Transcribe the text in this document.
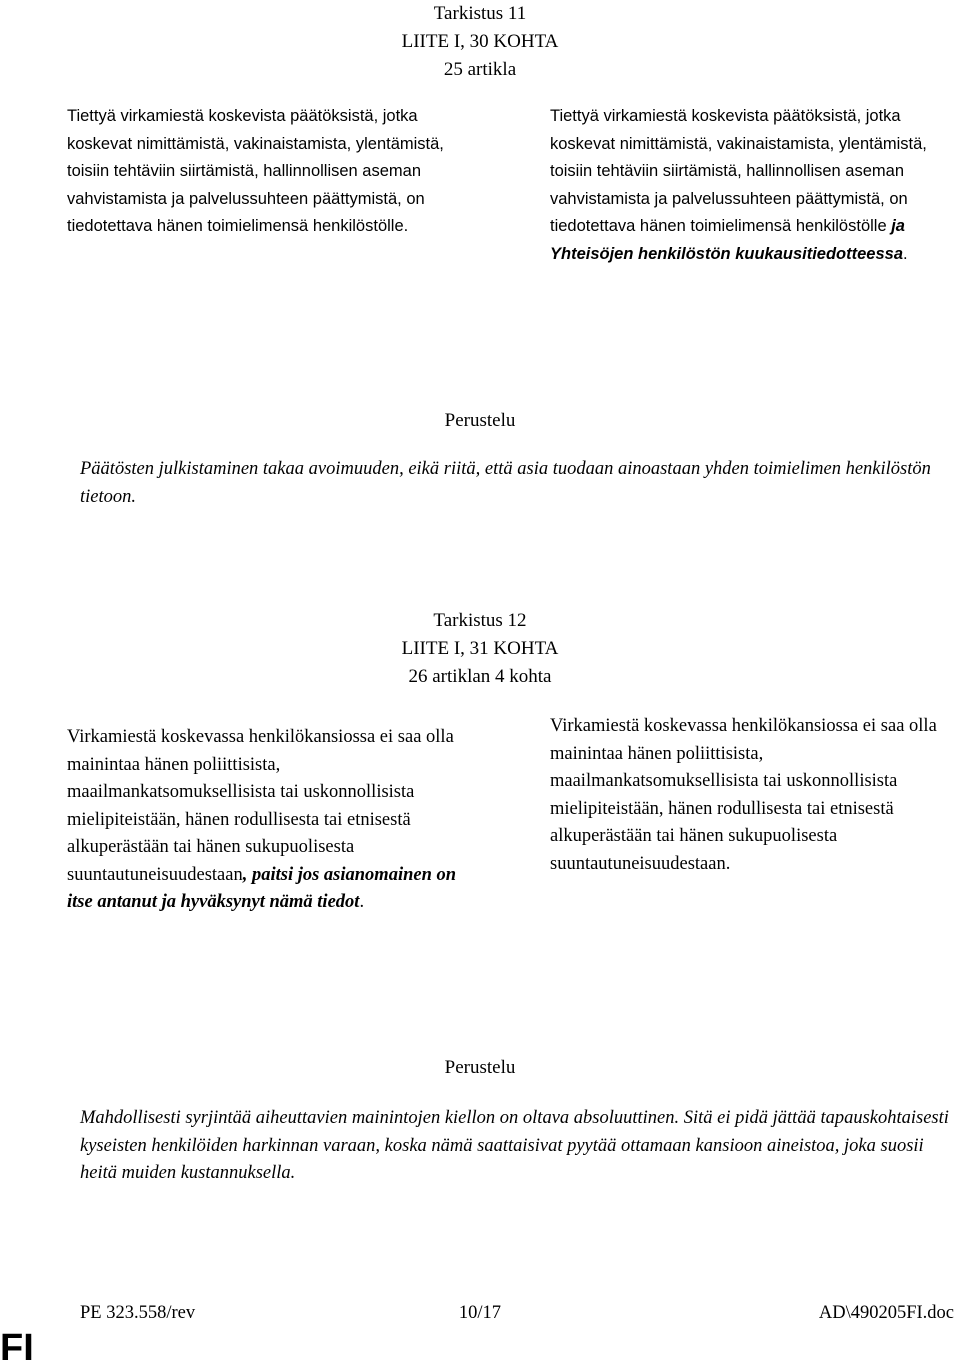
Tarkistus 11
LIITE I, 30 KOHTA
25 artikla

Tiettyä virkamiestä koskevista päätöksistä, jotka koskevat nimittämistä, vakinaistamista, ylentämistä, toisiin tehtäviin siirtämistä, hallinnollisen aseman vahvistamista ja palvelussuhteen päättymistä, on tiedotettava hänen toimielimensä henkilöstölle.

Tiettyä virkamiestä koskevista päätöksistä, jotka koskevat nimittämistä, vakinaistamista, ylentämistä, toisiin tehtäviin siirtämistä, hallinnollisen aseman vahvistamista ja palvelussuhteen päättymistä, on tiedotettava hänen toimielimensä henkilöstölle ja Yhteisöjen henkilöstön kuukausitiedotteessa.

Perustelu

Päätösten julkistaminen takaa avoimuuden, eikä riitä, että asia tuodaan ainoastaan yhden toimielimen henkilöstön tietoon.

Tarkistus 12
LIITE I, 31 KOHTA
26 artiklan 4 kohta

Virkamiestä koskevassa henkilökansiossa ei saa olla mainintaa hänen poliittisista, maailmankatsomuksellisista tai uskonnollisista mielipiteistään, hänen rodullisesta tai etnisestä alkuperästään tai hänen sukupuolisesta suuntautuneisuudestaan, paitsi jos asianomainen on itse antanut ja hyväksynyt nämä tiedot.

Virkamiestä koskevassa henkilökansiossa ei saa olla mainintaa hänen poliittisista, maailmankatsomuksellisista tai uskonnollisista mielipiteistään, hänen rodullisesta tai etnisestä alkuperästään tai hänen sukupuolisesta suuntautuneisuudestaan.

Perustelu

Mahdollisesti syrjintää aiheuttavien mainintojen kiellon on oltava absoluuttinen. Sitä ei pidä jättää tapauskohtaisesti kyseisten henkilöiden harkinnan varaan, koska nämä saattaisivat pyytää ottamaan kansioon aineistoa, joka suosii heitä muiden kustannuksella.

PE 323.558/rev	10/17	AD\490205FI.doc
FI
